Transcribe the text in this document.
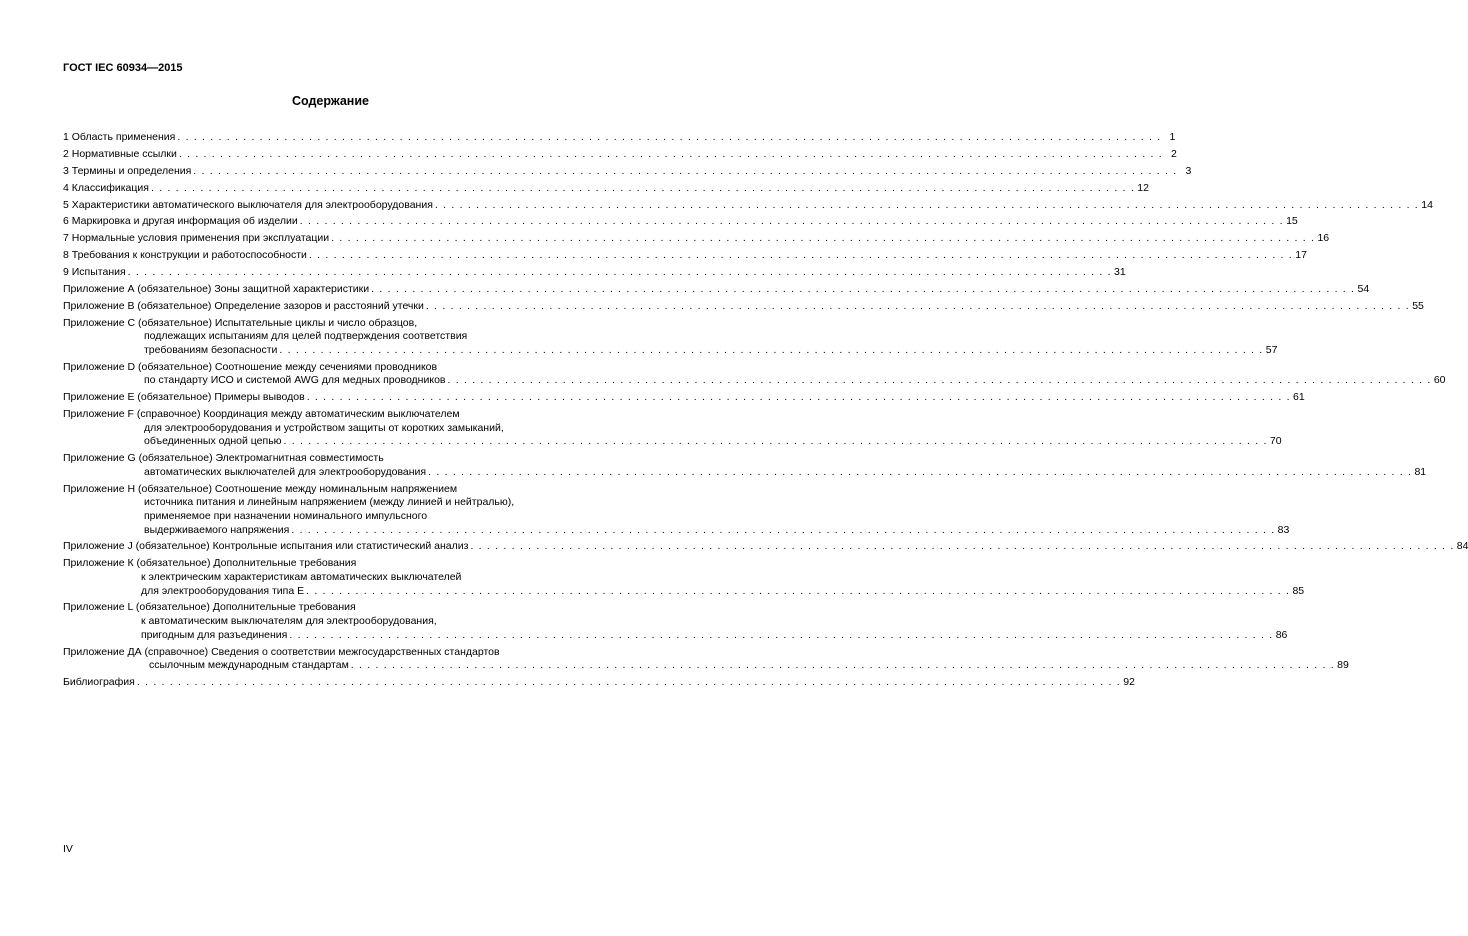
ГОСТ IEC 60934—2015
Содержание
1 Область применения . . . . . . . . . . . . . . . . . . . . . . . . . . . . . . . . . . . . . . . . . . . . . . . . . . . . . . . . . . . . . . . . . . . . . . . . . . . . . . . . . . . . . . . . . . . . . . . . . . . . . . . . . . . . . . . . . . . . . . . . 1
2 Нормативные ссылки . . . . . . . . . . . . . . . . . . . . . . . . . . . . . . . . . . . . . . . . . . . . . . . . . . . . . . . . . . . . . . . . . . . . . . . . . . . . . . . . . . . . . . . . . . . . . . . . . . . . . . . . . . . . . . . . . . . . . . . . 2
3 Термины и определения . . . . . . . . . . . . . . . . . . . . . . . . . . . . . . . . . . . . . . . . . . . . . . . . . . . . . . . . . . . . . . . . . . . . . . . . . . . . . . . . . . . . . . . . . . . . . . . . . . . . . . . . . . . . . . . . . . . . . . . . 3
4 Классификация . . . . . . . . . . . . . . . . . . . . . . . . . . . . . . . . . . . . . . . . . . . . . . . . . . . . . . . . . . . . . . . . . . . . . . . . . . . . . . . . . . . . . . . . . . . . . . . . . . . . . . . . . . . . . . . . . . . . . . . . 12
5 Характеристики автоматического выключателя для электрооборудования . . . . . . . . . . . . . . . . . . . . . . . . . . . . . . . . . . . . . . . . . . . . . . . . . . . . . . . . . . . . . . . . . . . . . . . . . . . . . . . . . . . . . . . . . . . . . . . . . . . . . . . . . . . . . . . . . . . . . . . . 14
6 Маркировка и другая информация об изделии . . . . . . . . . . . . . . . . . . . . . . . . . . . . . . . . . . . . . . . . . . . . . . . . . . . . . . . . . . . . . . . . . . . . . . . . . . . . . . . . . . . . . . . . . . . . . . . . . . . . . . . . . . . . . . . . . . . . . . . . 15
7 Нормальные условия применения при эксплуатации . . . . . . . . . . . . . . . . . . . . . . . . . . . . . . . . . . . . . . . . . . . . . . . . . . . . . . . . . . . . . . . . . . . . . . . . . . . . . . . . . . . . . . . . . . . . . . . . . . . . . . . . . . . . . . . . . . . . . . . . 16
8 Требования к конструкции и работоспособности . . . . . . . . . . . . . . . . . . . . . . . . . . . . . . . . . . . . . . . . . . . . . . . . . . . . . . . . . . . . . . . . . . . . . . . . . . . . . . . . . . . . . . . . . . . . . . . . . . . . . . . . . . . . . . . . . . . . . . . . 17
9 Испытания . . . . . . . . . . . . . . . . . . . . . . . . . . . . . . . . . . . . . . . . . . . . . . . . . . . . . . . . . . . . . . . . . . . . . . . . . . . . . . . . . . . . . . . . . . . . . . . . . . . . . . . . . . . . . . . . . . . . . . . . 31
Приложение А (обязательное) Зоны защитной характеристики . . . . . . . . . . . . . . . . . . . . . . . . . . . . . . . . . . . . . . . . . . . . . . . . . . . . . . . . . . . . . . . . . . . . . . . . . . . . . . . . . . . . . . . . . . . . . . . . . . . . . . . . . . . . . . . . . . . . . . . . 54
Приложение В (обязательное) Определение зазоров и расстояний утечки . . . . . . . . . . . . . . . . . . . . . . . . . . . . . . . . . . . . . . . . . . . . . . . . . . . . . . . . . . . . . . . . . . . . . . . . . . . . . . . . . . . . . . . . . . . . . . . . . . . . . . . . . . . . . . . . . . . . . . . . 55
Приложение С (обязательное) Испытательные циклы и число образцов,
подлежащих испытаниям для целей подтверждения соответствия
требованиям безопасности . . . . . . . . . . . . . . . . . . . . . . . . . . . . . . . . . . . . . . . . . . . . . . . . . . . . . . . . . . . . . . . . . . . . . . . . . . . . . . . . . . . . . . . . . . . . . . . . . . . . . . . . . . . . . . . . . . . . . . . . 57
Приложение D (обязательное) Соотношение между сечениями проводников
по стандарту ИСО и системой AWG для медных проводников . . . . . . . . . . . . . . . . . . . . . . . . . . . . . . . . . . . . . . . . . . . . . . . . . . . . . . . . . . . . . . . . . . . . . . . . . . . . . . . . . . . . . . . . . . . . . . . . . . . . . . . . . . . . . . . . . . . . . . . . 60
Приложение Е (обязательное) Примеры выводов . . . . . . . . . . . . . . . . . . . . . . . . . . . . . . . . . . . . . . . . . . . . . . . . . . . . . . . . . . . . . . . . . . . . . . . . . . . . . . . . . . . . . . . . . . . . . . . . . . . . . . . . . . . . . . . . . . . . . . . . 61
Приложение F (справочное) Координация между автоматическим выключателем
для электрооборудования и устройством защиты от коротких замыканий,
объединенных одной цепью . . . . . . . . . . . . . . . . . . . . . . . . . . . . . . . . . . . . . . . . . . . . . . . . . . . . . . . . . . . . . . . . . . . . . . . . . . . . . . . . . . . . . . . . . . . . . . . . . . . . . . . . . . . . . . . . . . . . . . . . 70
Приложение G (обязательное) Электромагнитная совместимость
автоматических выключателей для электрооборудования . . . . . . . . . . . . . . . . . . . . . . . . . . . . . . . . . . . . . . . . . . . . . . . . . . . . . . . . . . . . . . . . . . . . . . . . . . . . . . . . . . . . . . . . . . . . . . . . . . . . . . . . . . . . . . . . . . . . . . . . 81
Приложение Н (обязательное) Соотношение между номинальным напряжением
источника питания и линейным напряжением (между линией и нейтралью),
применяемое при назначении номинального импульсного
выдерживаемого напряжения . . . . . . . . . . . . . . . . . . . . . . . . . . . . . . . . . . . . . . . . . . . . . . . . . . . . . . . . . . . . . . . . . . . . . . . . . . . . . . . . . . . . . . . . . . . . . . . . . . . . . . . . . . . . . . . . . . . . . . . . 83
Приложение J (обязательное) Контрольные испытания или статистический анализ . . . . . . . . . . . . . . . . . . . . . . . . . . . . . . . . . . . . . . . . . . . . . . . . . . . . . . . . . . . . . . . . . . . . . . . . . . . . . . . . . . . . . . . . . . . . . . . . . . . . . . . . . . . . . . . . . . . . . . . . 84
Приложение К (обязательное) Дополнительные требования
к электрическим характеристикам автоматических выключателей
для электрооборудования типа Е . . . . . . . . . . . . . . . . . . . . . . . . . . . . . . . . . . . . . . . . . . . . . . . . . . . . . . . . . . . . . . . . . . . . . . . . . . . . . . . . . . . . . . . . . . . . . . . . . . . . . . . . . . . . . . . . . . . . . . . . 85
Приложение L (обязательное) Дополнительные требования
к автоматическим выключателям для электрооборудования,
пригодным для разъединения . . . . . . . . . . . . . . . . . . . . . . . . . . . . . . . . . . . . . . . . . . . . . . . . . . . . . . . . . . . . . . . . . . . . . . . . . . . . . . . . . . . . . . . . . . . . . . . . . . . . . . . . . . . . . . . . . . . . . . . . 86
Приложение ДА (справочное) Сведения о соответствии межгосударственных стандартов
ссылочным международным стандартам . . . . . . . . . . . . . . . . . . . . . . . . . . . . . . . . . . . . . . . . . . . . . . . . . . . . . . . . . . . . . . . . . . . . . . . . . . . . . . . . . . . . . . . . . . . . . . . . . . . . . . . . . . . . . . . . . . . . . . . . 89
Библиография . . . . . . . . . . . . . . . . . . . . . . . . . . . . . . . . . . . . . . . . . . . . . . . . . . . . . . . . . . . . . . . . . . . . . . . . . . . . . . . . . . . . . . . . . . . . . . . . . . . . . . . . . . . . . . . . . . . . . . . . 92
IV
